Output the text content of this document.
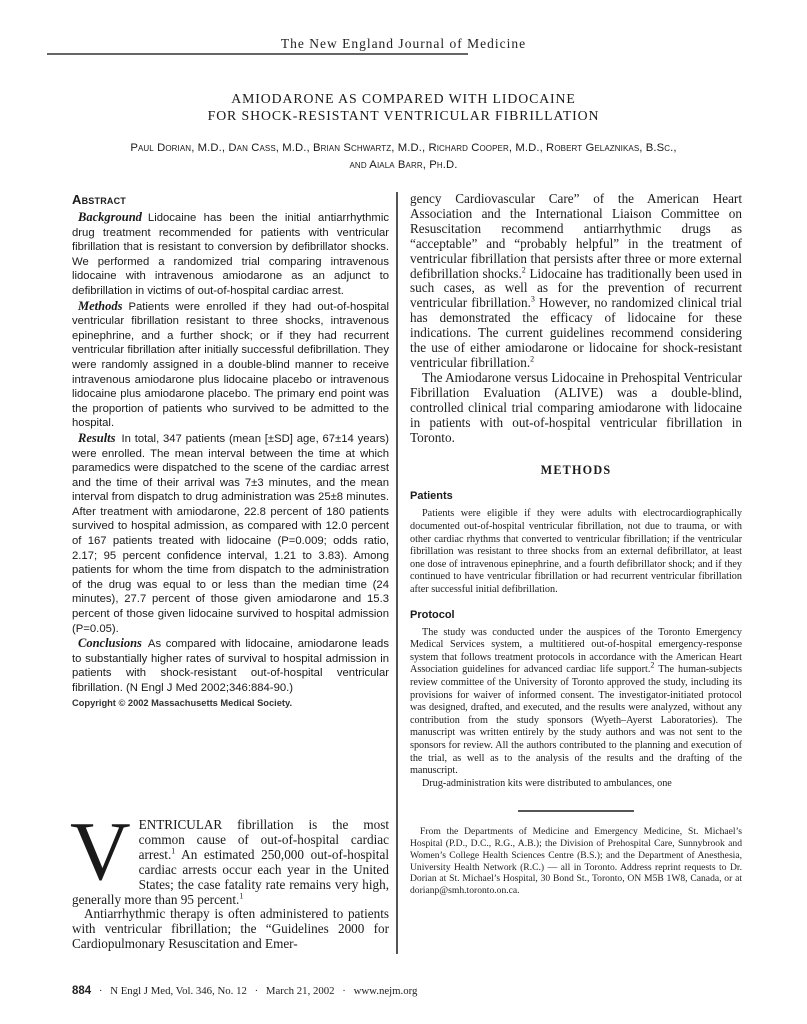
The New England Journal of Medicine
AMIODARONE AS COMPARED WITH LIDOCAINE
FOR SHOCK-RESISTANT VENTRICULAR FIBRILLATION
Paul Dorian, M.D., Dan Cass, M.D., Brian Schwartz, M.D., Richard Cooper, M.D., Robert Gelaznikas, B.Sc.,
and Aiala Barr, Ph.D.
Abstract

Background Lidocaine has been the initial antiarrhythmic drug treatment recommended for patients with ventricular fibrillation that is resistant to conversion by defibrillator shocks. We performed a randomized trial comparing intravenous lidocaine with intravenous amiodarone as an adjunct to defibrillation in victims of out-of-hospital cardiac arrest.

Methods Patients were enrolled if they had out-of-hospital ventricular fibrillation resistant to three shocks, intravenous epinephrine, and a further shock; or if they had recurrent ventricular fibrillation after initially successful defibrillation. They were randomly assigned in a double-blind manner to receive intravenous amiodarone plus lidocaine placebo or intravenous lidocaine plus amiodarone placebo. The primary end point was the proportion of patients who survived to be admitted to the hospital.

Results In total, 347 patients (mean [±SD] age, 67±14 years) were enrolled. The mean interval between the time at which paramedics were dispatched to the scene of the cardiac arrest and the time of their arrival was 7±3 minutes, and the mean interval from dispatch to drug administration was 25±8 minutes. After treatment with amiodarone, 22.8 percent of 180 patients survived to hospital admission, as compared with 12.0 percent of 167 patients treated with lidocaine (P=0.009; odds ratio, 2.17; 95 percent confidence interval, 1.21 to 3.83). Among patients for whom the time from dispatch to the administration of the drug was equal to or less than the median time (24 minutes), 27.7 percent of those given amiodarone and 15.3 percent of those given lidocaine survived to hospital admission (P=0.05).

Conclusions As compared with lidocaine, amiodarone leads to substantially higher rates of survival to hospital admission in patients with shock-resistant out-of-hospital ventricular fibrillation. (N Engl J Med 2002;346:884-90.)

Copyright © 2002 Massachusetts Medical Society.

VENTRICULAR fibrillation is the most common cause of out-of-hospital cardiac arrest.$^1$ An estimated 250,000 out-of-hospital cardiac arrests occur each year in the United States; the case fatality rate remains very high, generally more than 95 percent.$^1$

Antiarrhythmic therapy is often administered to patients with ventricular fibrillation; the “Guidelines 2000 for Cardiopulmonary Resuscitation and Emer-

gency Cardiovascular Care” of the American Heart Association and the International Liaison Committee on Resuscitation recommend antiarrhythmic drugs as “acceptable” and “probably helpful” in the treatment of ventricular fibrillation that persists after three or more external defibrillation shocks.$^2$ Lidocaine has traditionally been used in such cases, as well as for the prevention of recurrent ventricular fibrillation.$^3$ However, no randomized clinical trial has demonstrated the efficacy of lidocaine for these indications. The current guidelines recommend considering the use of either amiodarone or lidocaine for shock-resistant ventricular fibrillation.$^2$

The Amiodarone versus Lidocaine in Prehospital Ventricular Fibrillation Evaluation (ALIVE) was a double-blind, controlled clinical trial comparing amiodarone with lidocaine in patients with out-of-hospital ventricular fibrillation in Toronto.

METHODS
Patients

Patients were eligible if they were adults with electrocardiographically documented out-of-hospital ventricular fibrillation, not due to trauma, or with other cardiac rhythms that converted to ventricular fibrillation; if the ventricular fibrillation was resistant to three shocks from an external defibrillator, at least one dose of intravenous epinephrine, and a fourth defibrillator shock; and if they continued to have ventricular fibrillation or had recurrent ventricular fibrillation after successful initial defibrillation.

Protocol

The study was conducted under the auspices of the Toronto Emergency Medical Services system, a multitiered out-of-hospital emergency-response system that follows treatment protocols in accordance with the American Heart Association guidelines for advanced cardiac life support.$^2$ The human-subjects review committee of the University of Toronto approved the study, including its provisions for waiver of informed consent. The investigator-initiated protocol was designed, drafted, and executed, and the results were analyzed, without any contribution from the study sponsors (Wyeth–Ayerst Laboratories). The manuscript was written entirely by the study authors and was not sent to the sponsors for review. All the authors contributed to the planning and execution of the trial, as well as to the analysis of the results and the drafting of the manuscript.

Drug-administration kits were distributed to ambulances, one

From the Departments of Medicine and Emergency Medicine, St. Michael’s Hospital (P.D., D.C., R.G., A.B.); the Division of Prehospital Care, Sunnybrook and Women’s College Health Sciences Centre (B.S.); and the Department of Anesthesia, University Health Network (R.C.) — all in Toronto. Address reprint requests to Dr. Dorian at St. Michael’s Hospital, 30 Bond St., Toronto, ON M5B 1W8, Canada, or at dorianp@smh.toronto.on.ca.

884 · N Engl J Med, Vol. 346, No. 12 · March 21, 2002 · www.nejm.org
